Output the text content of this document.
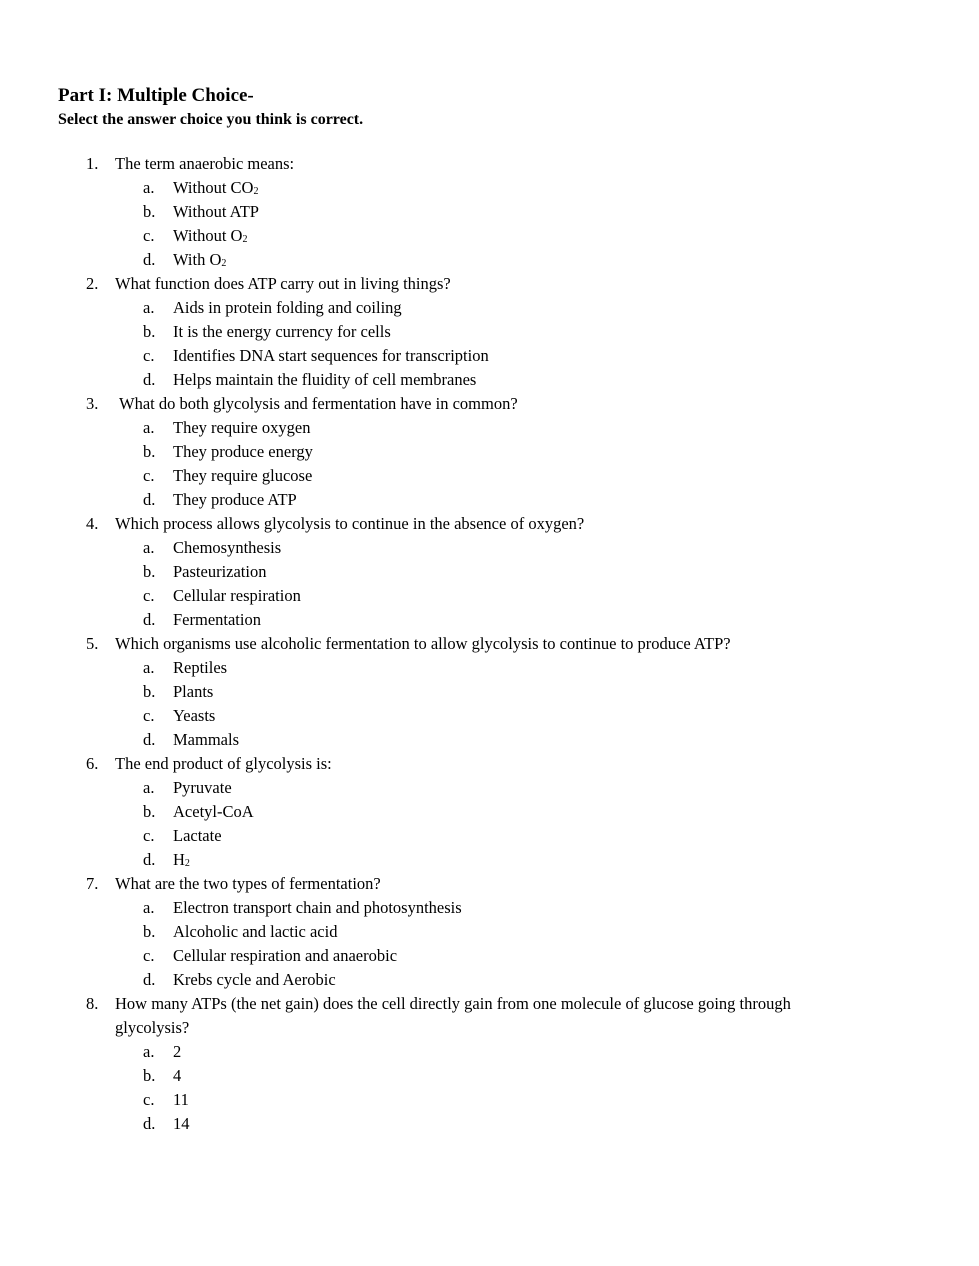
Part I: Multiple Choice-

Select the answer choice you think is correct.

1.	The term anaerobic means:
a.	Without $CO_2$
b.	Without ATP
c.	Without $O_2$
d.	With $O_2$
2.	What function does ATP carry out in living things?
a.	Aids in protein folding and coiling
b.	It is the energy currency for cells
c.	Identifies DNA start sequences for transcription
d.	Helps maintain the fluidity of cell membranes
3.	What do both glycolysis and fermentation have in common?
a.	They require oxygen
b.	They produce energy
c.	They require glucose
d.	They produce ATP
4.	Which process allows glycolysis to continue in the absence of oxygen?
a.	Chemosynthesis
b.	Pasteurization
c.	Cellular respiration
d.	Fermentation
5.	Which organisms use alcoholic fermentation to allow glycolysis to continue to produce ATP?
a.	Reptiles
b.	Plants
c.	Yeasts
d.	Mammals
6.	The end product of glycolysis is:
a.	Pyruvate
b.	Acetyl-CoA
c.	Lactate
d.	$H_2$
7.	What are the two types of fermentation?
a.	Electron transport chain and photosynthesis
b.	Alcoholic and lactic acid
c.	Cellular respiration and anaerobic
d.	Krebs cycle and Aerobic
8.	How many ATPs (the net gain) does the cell directly gain from one molecule of glucose going through
glycolysis?
a.	2
b.	4
c.	11
d.	14
